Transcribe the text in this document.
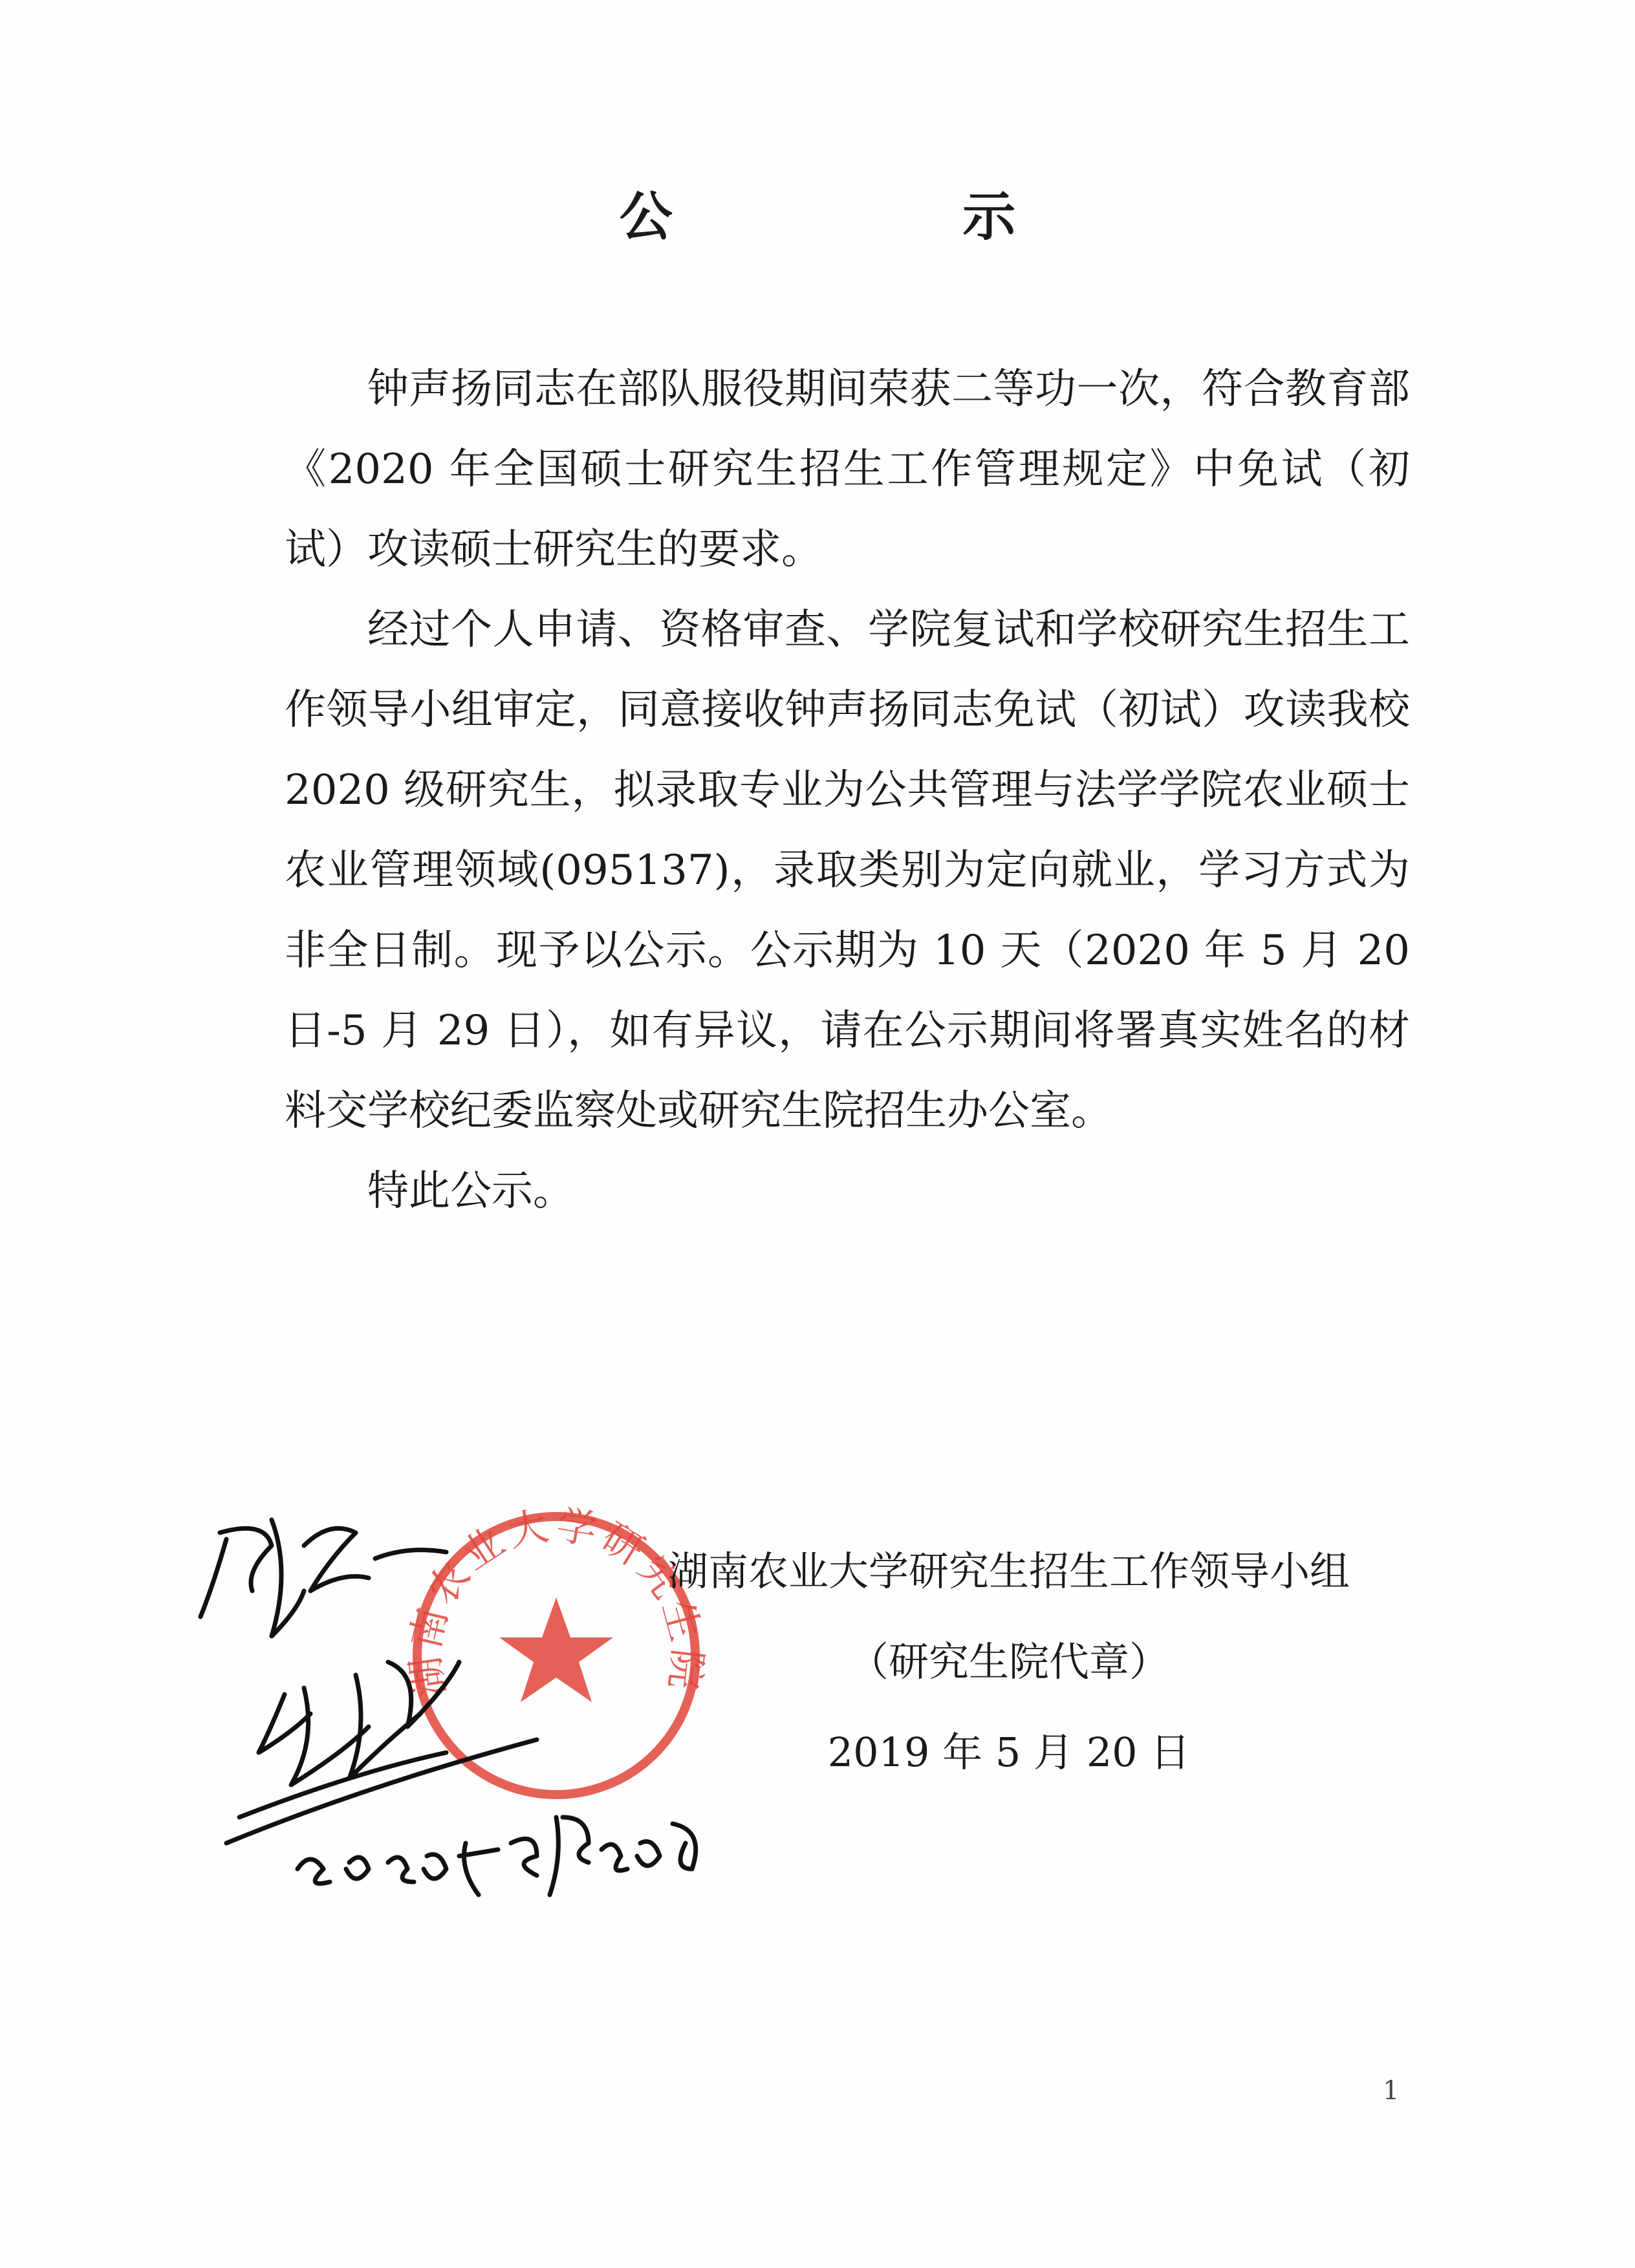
公 示

钟声扬同志在部队服役期间荣获二等功一次，符合教育部《2020 年全国硕士研究生招生工作管理规定》中免试（初试）攻读硕士研究生的要求。

经过个人申请、资格审查、学院复试和学校研究生招生工作领导小组审定，同意接收钟声扬同志免试（初试）攻读我校 2020 级研究生，拟录取专业为公共管理与法学学院农业硕士农业管理领域(095137)，录取类别为定向就业，学习方式为非全日制。现予以公示。公示期为 10 天（2020 年 5 月 20 日-5 月 29 日），如有异议，请在公示期间将署真实姓名的材料交学校纪委监察处或研究生院招生办公室。

特此公示。

湖南农业大学研究生院
湖南农业大学研究生招生工作领导小组
（研究生院代章）
2019 年 5 月 20 日
1
